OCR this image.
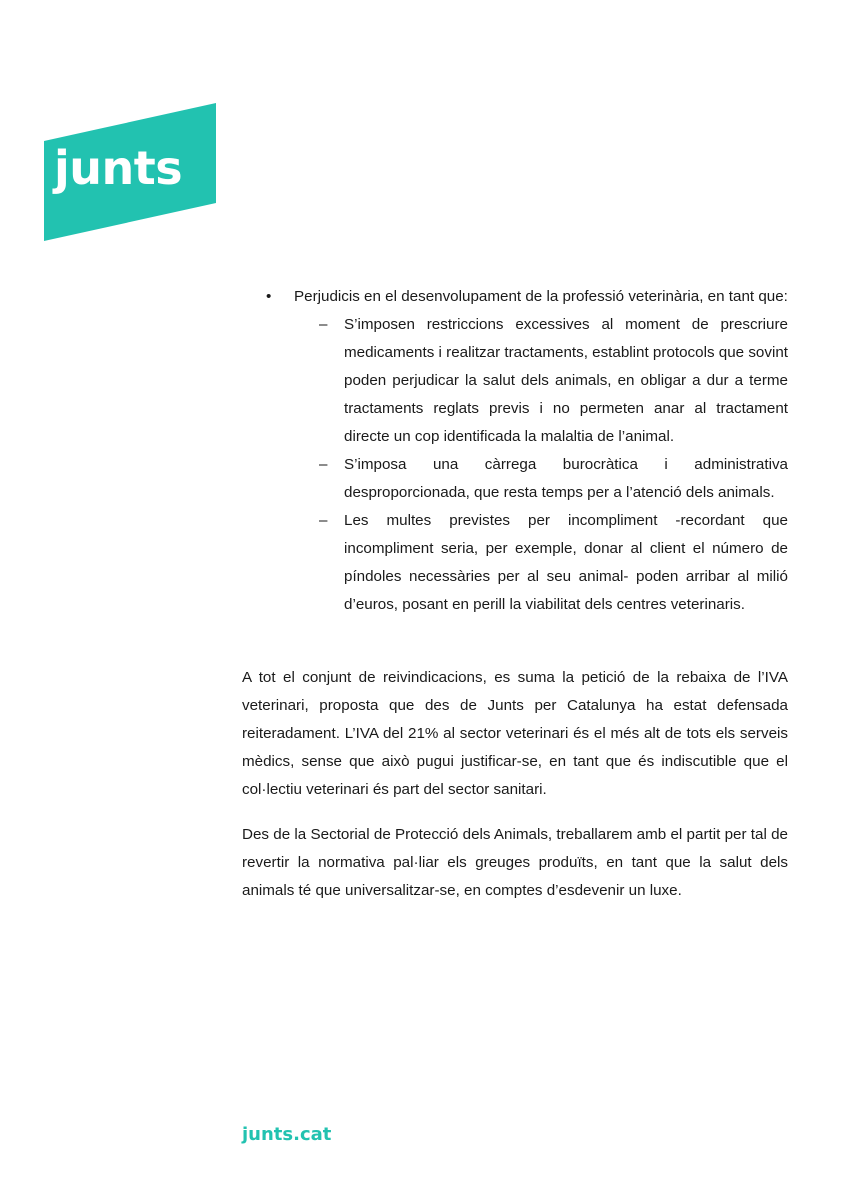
junts
• Perjudicis en el desenvolupament de la professió veterinària, en tant que:
– S’imposen restriccions excessives al moment de prescriure medicaments i realitzar tractaments, establint protocols que sovint poden perjudicar la salut dels animals, en obligar a dur a terme tractaments reglats previs i no permeten anar al tractament directe un cop identificada la malaltia de l’animal.
– S’imposa una càrrega burocràtica i administrativa desproporcionada, que resta temps per a l’atenció dels animals.
– Les multes previstes per incompliment -recordant que incompliment seria, per exemple, donar al client el número de píndoles necessàries per al seu animal- poden arribar al milió d’euros, posant en perill la viabilitat dels centres veterinaris.

A tot el conjunt de reivindicacions, es suma la petició de la rebaixa de l’IVA veterinari, proposta que des de Junts per Catalunya ha estat defensada reiteradament. L’IVA del 21% al sector veterinari és el més alt de tots els serveis mèdics, sense que això pugui justificar-se, en tant que és indiscutible que el col·lectiu veterinari és part del sector sanitari.

Des de la Sectorial de Protecció dels Animals, treballarem amb el partit per tal de revertir la normativa pal·liar els greuges produïts, en tant que la salut dels animals té que universalitzar-se, en comptes d’esdevenir un luxe.

junts.cat
